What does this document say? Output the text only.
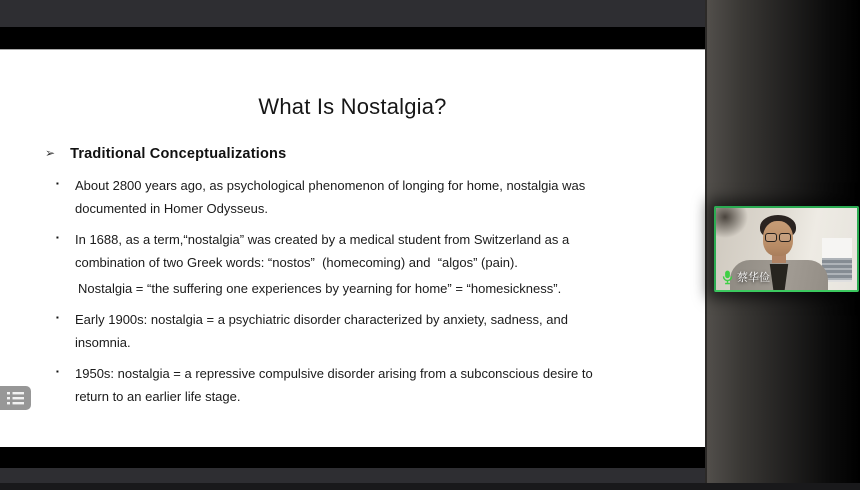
What Is Nostalgia?
➢ Traditional Conceptualizations
▪	About 2800 years ago, as psychological phenomenon of longing for home, nostalgia was
documented in Homer Odysseus.
▪	In 1688, as a term,“nostalgia” was created by a medical student from Switzerland as a
combination of two Greek words: “nostos”  (homecoming) and  “algos” (pain).
Nostalgia = “the suffering one experiences by yearning for home” = “homesickness”.
▪	Early 1900s: nostalgia = a psychiatric disorder characterized by anxiety, sadness, and
insomnia.
▪	1950s: nostalgia = a repressive compulsive disorder arising from a subconscious desire to
return to an earlier life stage.
蔡华俭
